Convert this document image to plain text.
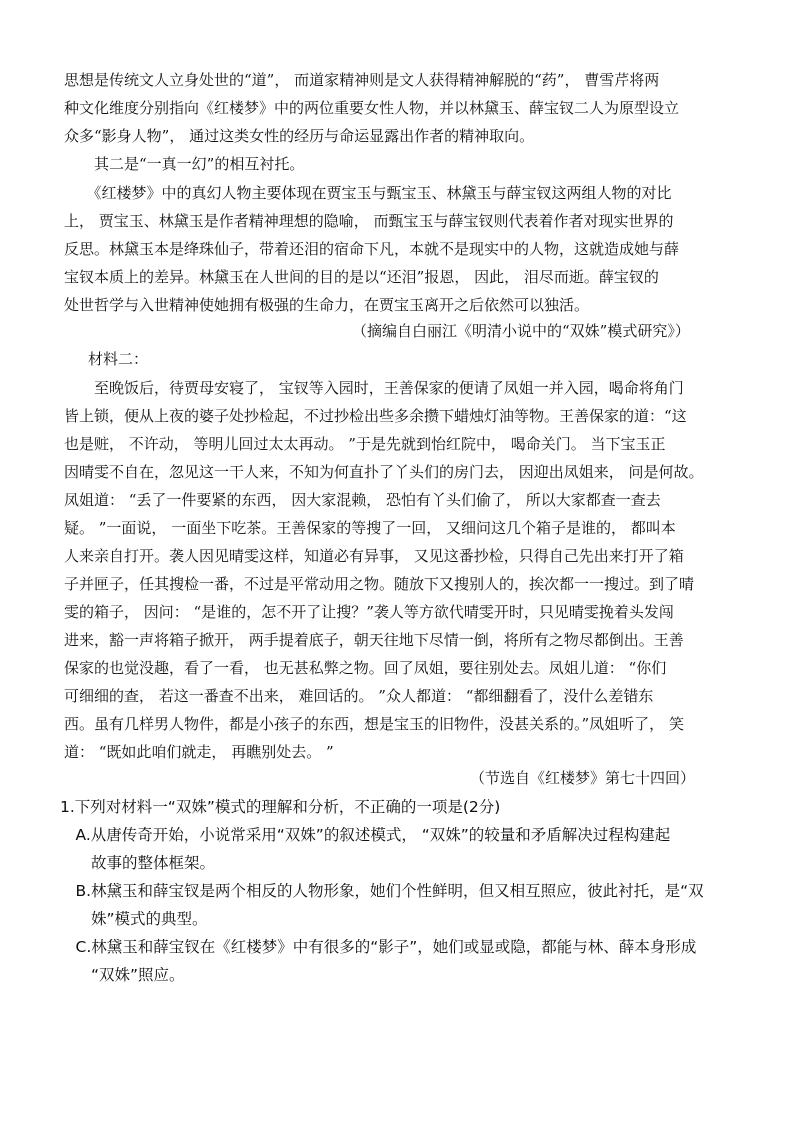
思想是传统文人立身处世的“道”， 而道家精神则是文人获得精神解脱的“药”， 曹雪芹将两
种文化维度分别指向《红楼梦》中的两位重要女性人物，并以林黛玉、薛宝钗二人为原型设立
众多“影身人物”， 通过这类女性的经历与命运显露出作者的精神取向。
　　其二是“一真一幻”的相互衬托。
　　《红楼梦》中的真幻人物主要体现在贾宝玉与甄宝玉、林黛玉与薛宝钗这两组人物的对比
上， 贾宝玉、林黛玉是作者精神理想的隐喻， 而甄宝玉与薛宝钗则代表着作者对现实世界的
反思。林黛玉本是绛珠仙子，带着还泪的宿命下凡，本就不是现实中的人物，这就造成她与薛
宝钗本质上的差异。林黛玉在人世间的目的是以“还泪”报恩， 因此， 泪尽而逝。薛宝钗的
处世哲学与入世精神使她拥有极强的生命力，在贾宝玉离开之后依然可以独活。
（摘编自白丽江《明清小说中的“双姝”模式研究》）
材料二：
　　至晚饭后，待贾母安寝了， 宝钗等入园时，王善保家的便请了凤姐一并入园，喝命将角门
皆上锁，便从上夜的婆子处抄检起，不过抄检出些多余攒下蜡烛灯油等物。王善保家的道：“这
也是赃， 不许动， 等明儿回过太太再动。 ”于是先就到怡红院中， 喝命关门。 当下宝玉正
因晴雯不自在，忽见这一干人来，不知为何直扑了丫头们的房门去， 因迎出凤姐来， 问是何故。
凤姐道： “丢了一件要紧的东西， 因大家混赖， 恐怕有丫头们偷了， 所以大家都查一查去
疑。 ”一面说， 一面坐下吃茶。王善保家的等搜了一回， 又细问这几个箱子是谁的， 都叫本
人来亲自打开。袭人因见晴雯这样，知道必有异事， 又见这番抄检，只得自己先出来打开了箱
子并匣子，任其搜检一番，不过是平常动用之物。随放下又搜别人的，挨次都一一搜过。到了晴
雯的箱子， 因问： “是谁的，怎不开了让搜？”袭人等方欲代晴雯开时，只见晴雯挽着头发闯
进来，豁一声将箱子掀开， 两手提着底子，朝天往地下尽情一倒，将所有之物尽都倒出。王善
保家的也觉没趣，看了一看， 也无甚私弊之物。回了凤姐，要往别处去。凤姐儿道： “你们
可细细的查， 若这一番查不出来， 难回话的。 ”众人都道： “都细翻看了，没什么差错东
西。虽有几样男人物件，都是小孩子的东西，想是宝玉的旧物件，没甚关系的。”凤姐听了， 笑
道： “既如此咱们就走， 再瞧别处去。 ”
（节选自《红楼梦》第七十四回）
1.下列对材料一“双姝”模式的理解和分析，不正确的一项是(2分)
　A.从唐传奇开始，小说常采用“双姝”的叙述模式， “双姝”的较量和矛盾解决过程构建起
　　故事的整体框架。
　B.林黛玉和薛宝钗是两个相反的人物形象，她们个性鲜明，但又相互照应，彼此衬托，是“双
　　姝”模式的典型。
　C.林黛玉和薛宝钗在《红楼梦》中有很多的“影子”，她们或显或隐，都能与林、薛本身形成
　　“双姝”照应。
